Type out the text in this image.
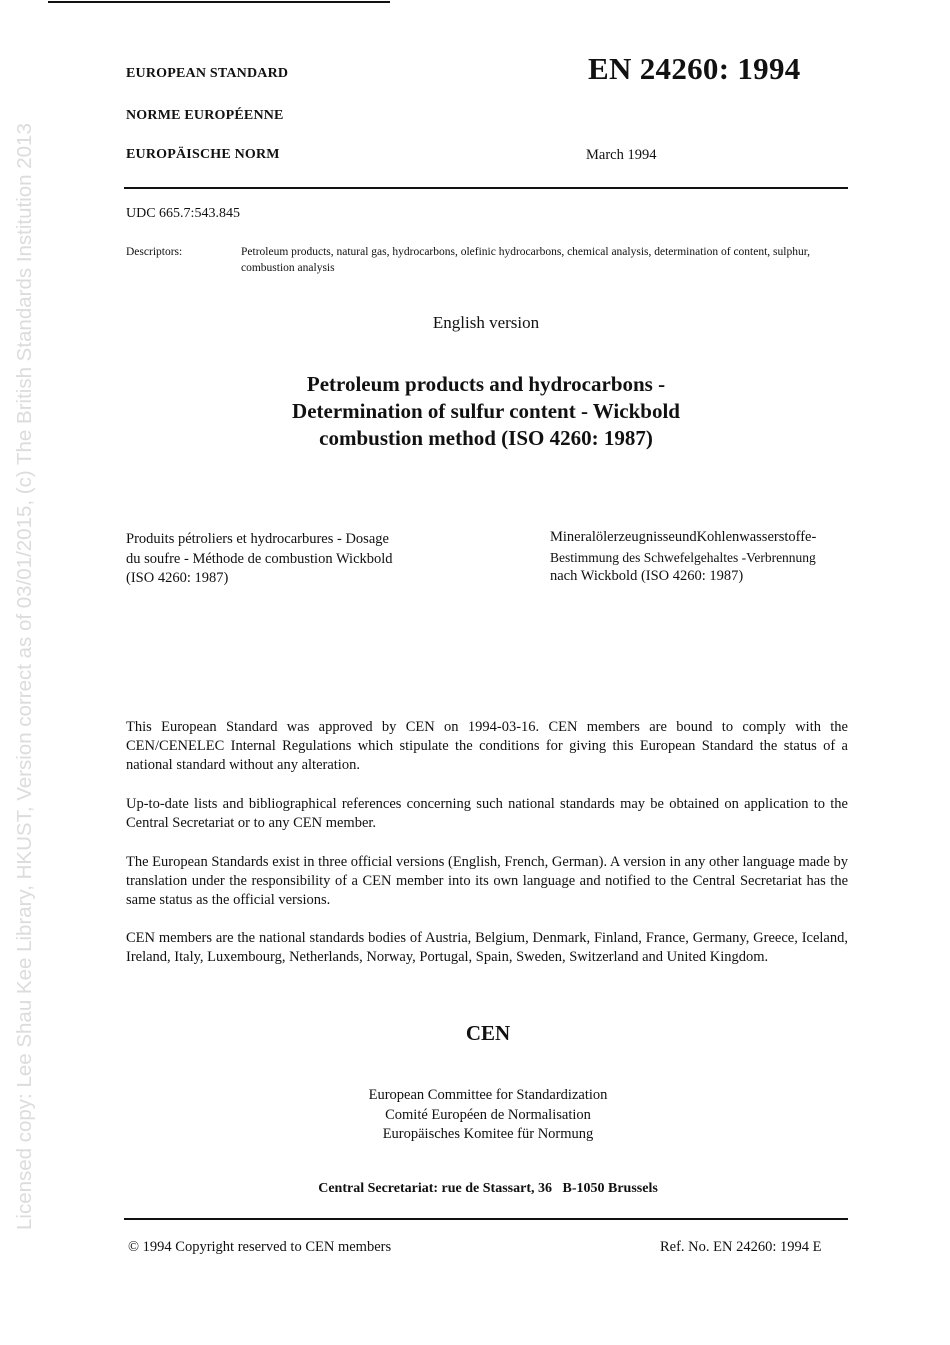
Licensed copy: Lee Shau Kee Library, HKUST, Version correct as of 03/01/2015, (c) The British Standards Institution 2013
EUROPEAN STANDARD
NORME EUROPÉENNE
EUROPÄISCHE NORM
EN 24260: 1994
March 1994
UDC 665.7:543.845
Descriptors:	Petroleum products, natural gas, hydrocarbons, olefinic hydrocarbons, chemical analysis, determination of content, sulphur, combustion analysis
English version
Petroleum products and hydrocarbons -
Determination of sulfur content - Wickbold
combustion method (ISO 4260: 1987)
Produits pétroliers et hydrocarbures - Dosage
du soufre - Méthode de combustion Wickbold
(ISO 4260: 1987)
MineralölerzeugnisseundKohlenwasserstoffe-
Bestimmung des Schwefelgehaltes -Verbrennung
nach Wickbold (ISO 4260: 1987)
This European Standard was approved by CEN on 1994-03-16. CEN members are bound to comply with the CEN/CENELEC Internal Regulations which stipulate the conditions for giving this European Standard the status of a national standard without any alteration.
Up-to-date lists and bibliographical references concerning such national standards may be obtained on application to the Central Secretariat or to any CEN member.
The European Standards exist in three official versions (English, French, German). A version in any other language made by translation under the responsibility of a CEN member into its own language and notified to the Central Secretariat has the same status as the official versions.
CEN members are the national standards bodies of Austria, Belgium, Denmark, Finland, France, Germany, Greece, Iceland, Ireland, Italy, Luxembourg, Netherlands, Norway, Portugal, Spain, Sweden, Switzerland and United Kingdom.
CEN
European Committee for Standardization
Comité Européen de Normalisation
Europäisches Komitee für Normung
Central Secretariat: rue de Stassart, 36   B-1050 Brussels
© 1994 Copyright reserved to CEN members	Ref. No. EN 24260: 1994 E
